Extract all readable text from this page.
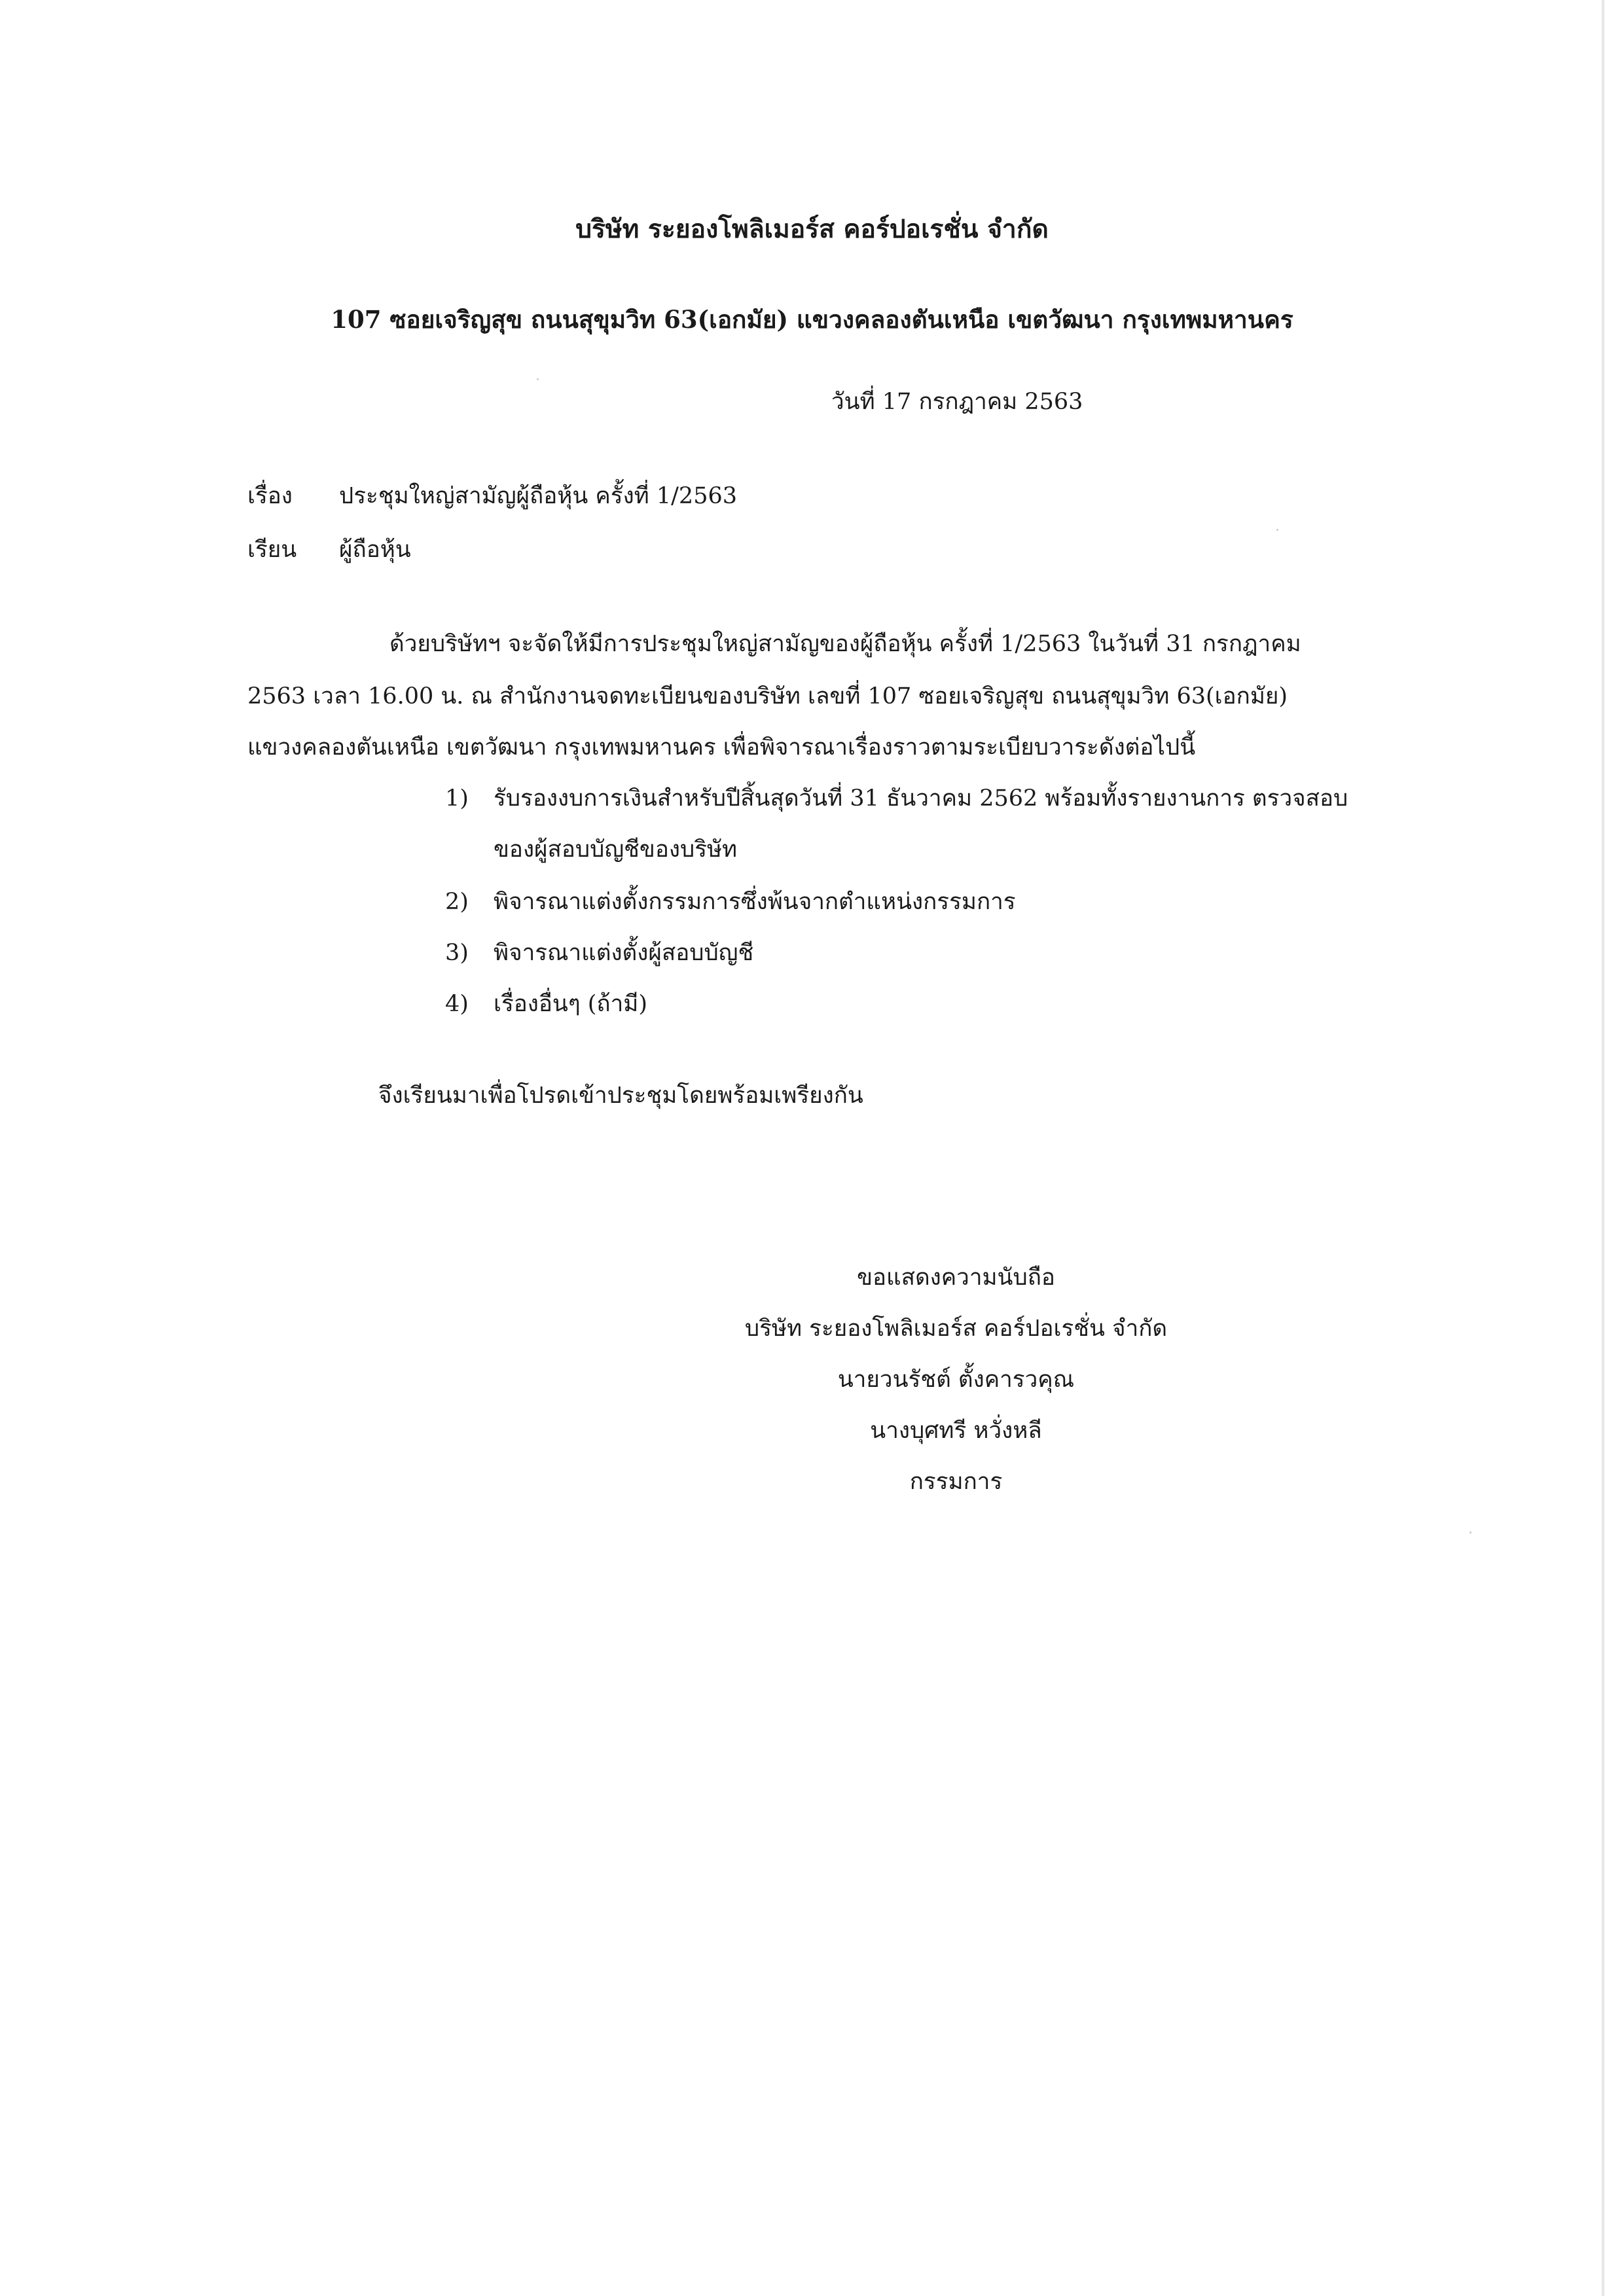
บริษัท ระยองโพลิเมอร์ส คอร์ปอเรชั่น จำกัด
107 ซอยเจริญสุข ถนนสุขุมวิท 63(เอกมัย) แขวงคลองตันเหนือ เขตวัฒนา กรุงเทพมหานคร
วันที่ 17 กรกฎาคม 2563
เรื่อง ประชุมใหญ่สามัญผู้ถือหุ้น ครั้งที่ 1/2563
เรียน ผู้ถือหุ้น
ด้วยบริษัทฯ จะจัดให้มีการประชุมใหญ่สามัญของผู้ถือหุ้น ครั้งที่ 1/2563 ในวันที่ 31 กรกฎาคม
2563 เวลา 16.00 น. ณ สำนักงานจดทะเบียนของบริษัท เลขที่ 107 ซอยเจริญสุข ถนนสุขุมวิท 63(เอกมัย)
แขวงคลองตันเหนือ เขตวัฒนา กรุงเทพมหานคร เพื่อพิจารณาเรื่องราวตามระเบียบวาระดังต่อไปนี้
1) รับรองงบการเงินสำหรับปีสิ้นสุดวันที่ 31 ธันวาคม 2562 พร้อมทั้งรายงานการ ตรวจสอบ
ของผู้สอบบัญชีของบริษัท
2) พิจารณาแต่งตั้งกรรมการซึ่งพ้นจากตำแหน่งกรรมการ
3) พิจารณาแต่งตั้งผู้สอบบัญชี
4) เรื่องอื่นๆ (ถ้ามี)
จึงเรียนมาเพื่อโปรดเข้าประชุมโดยพร้อมเพรียงกัน
ขอแสดงความนับถือ
บริษัท ระยองโพลิเมอร์ส คอร์ปอเรชั่น จำกัด
นายวนรัชต์ ตั้งคารวคุณ
นางบุศทรี หวั่งหลี
กรรมการ
